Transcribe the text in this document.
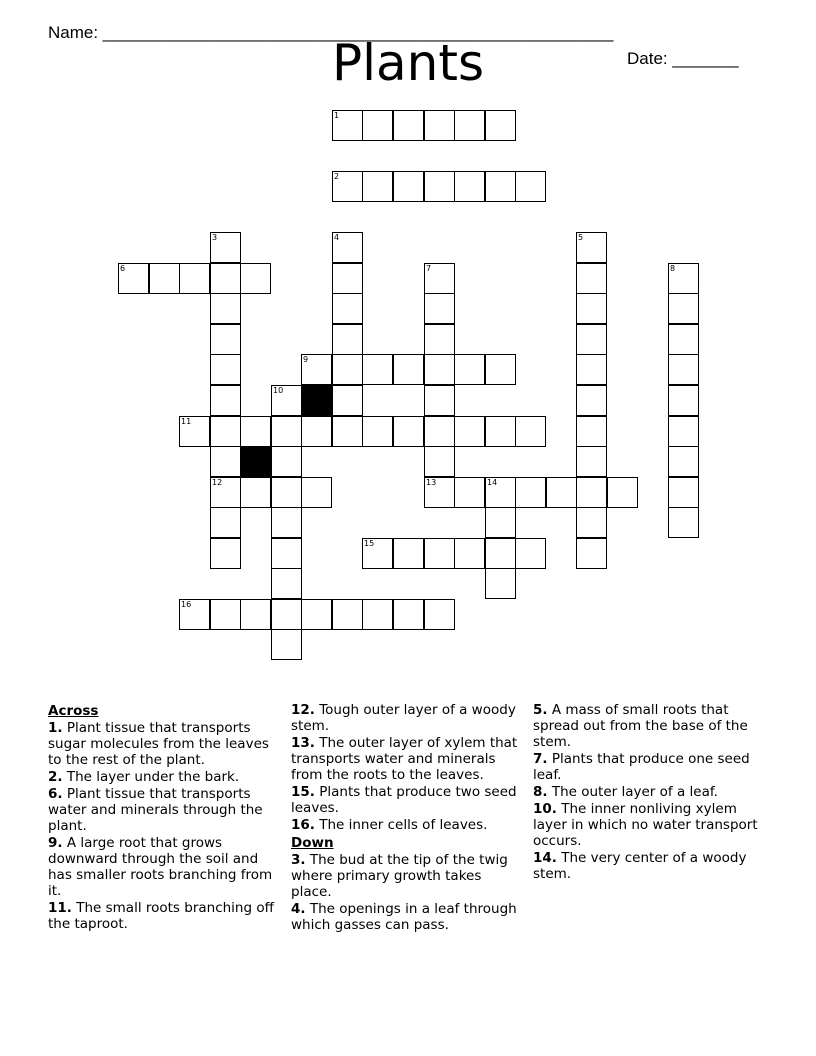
Name: ______________________________________________________

Date: _______

Plants
1
2
3	4	5
6	7	8
9
10
11
12	13	14
15
16
Across
1. Plant tissue that transports sugar molecules from the leaves to the rest of the plant.
2. The layer under the bark.
6. Plant tissue that transports water and minerals through the plant.
9. A large root that grows downward through the soil and has smaller roots branching from it.
11. The small roots branching off the taproot.
12. Tough outer layer of a woody stem.
13. The outer layer of xylem that transports water and minerals from the roots to the leaves.
15. Plants that produce two seed leaves.
16. The inner cells of leaves.
Down
3. The bud at the tip of the twig where primary growth takes place.
4. The openings in a leaf through which gasses can pass.
5. A mass of small roots that spread out from the base of the stem.
7. Plants that produce one seed leaf.
8. The outer layer of a leaf.
10. The inner nonliving xylem layer in which no water transport occurs.
14. The very center of a woody stem.
